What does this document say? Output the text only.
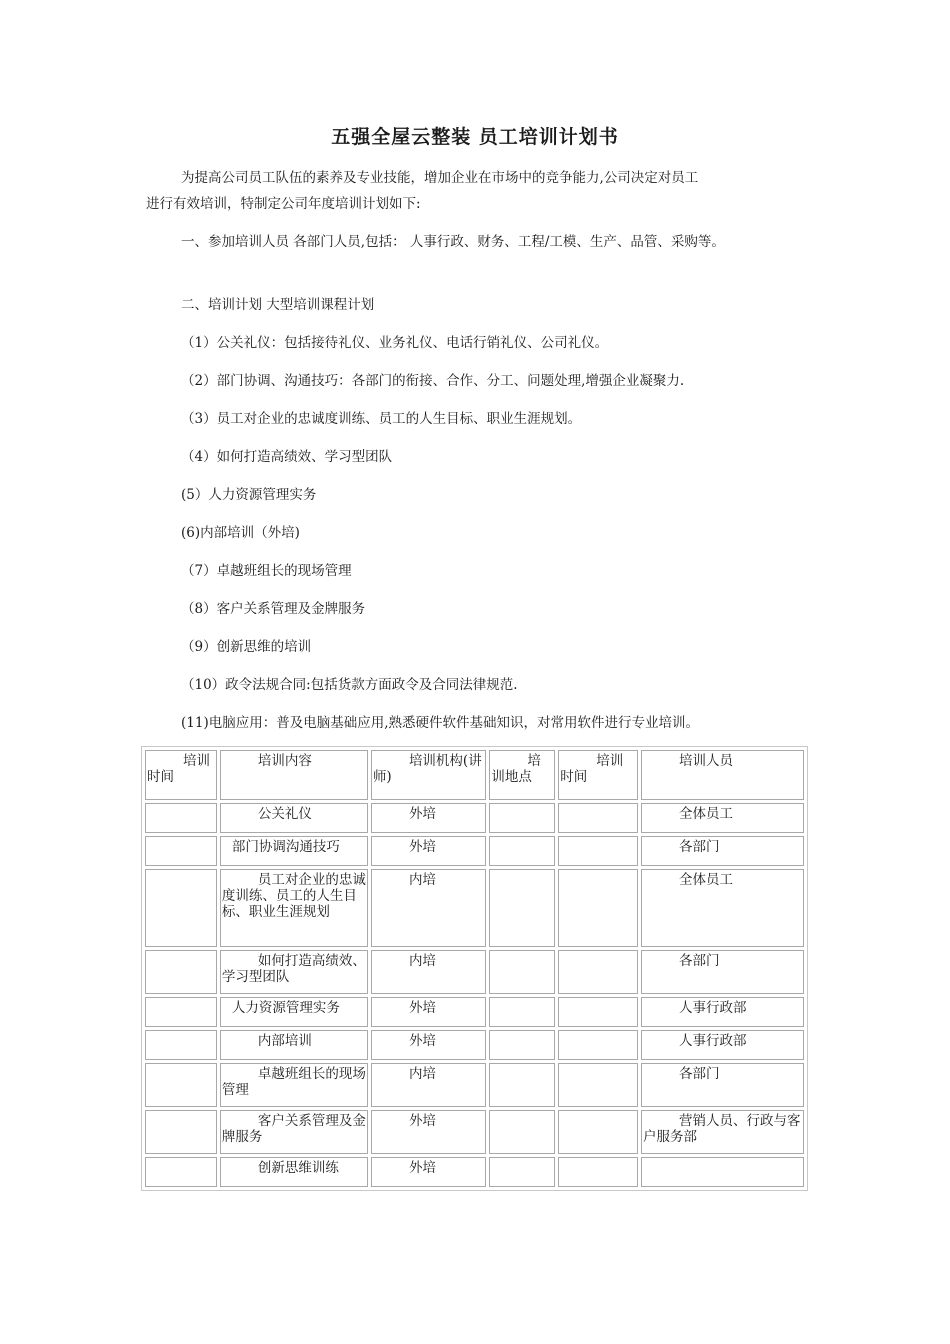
五强全屋云整装 员工培训计划书
为提高公司员工队伍的素养及专业技能，增加企业在市场中的竞争能力,公司决定对员工
进行有效培训，特制定公司年度培训计划如下:
一、参加培训人员 各部门人员,包括： 人事行政、财务、工程/工模、生产、品管、采购等。
二、培训计划 大型培训课程计划
（1）公关礼仪：包括接待礼仪、业务礼仪、电话行销礼仪、公司礼仪。
（2）部门协调、沟通技巧：各部门的衔接、合作、分工、问题处理,增强企业凝聚力.
（3）员工对企业的忠诚度训练、员工的人生目标、职业生涯规划。
（4）如何打造高绩效、学习型团队
(5）人力资源管理实务
(6)内部培训（外培)
（7）卓越班组长的现场管理
（8）客户关系管理及金牌服务
（9）创新思维的培训
（10）政令法规合同:包括货款方面政令及合同法律规范.
(11)电脑应用：普及电脑基础应用,熟悉硬件软件基础知识，对常用软件进行专业培训。
培训时间	培训内容	培训机构(讲师)	培训地点	培训时间	培训人员
	公关礼仪	外培			全体员工
	部门协调沟通技巧	外培			各部门
	员工对企业的忠诚度训练、员工的人生目标、职业生涯规划	内培			全体员工
	如何打造高绩效、学习型团队	内培			各部门
	人力资源管理实务	外培			人事行政部
	内部培训	外培			人事行政部
	卓越班组长的现场管理	内培			各部门
	客户关系管理及金牌服务	外培			营销人员、行政与客户服务部
	创新思维训练	外培			
